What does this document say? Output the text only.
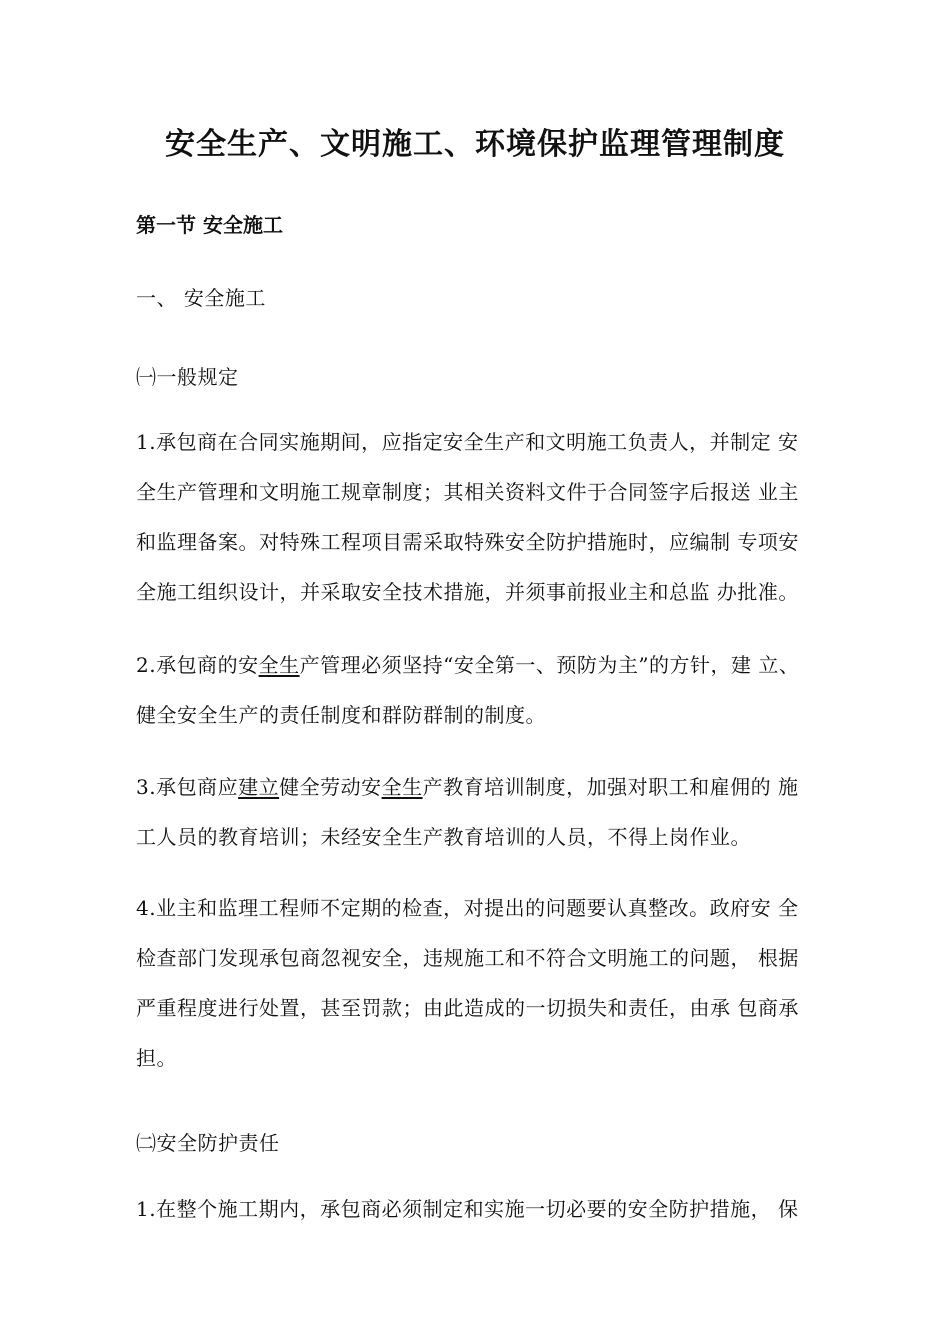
安全生产、文明施工、环境保护监理管理制度
第一节 安全施工
一、 安全施工
㈠一般规定
1.承包商在合同实施期间，应指定安全生产和文明施工负责人，并制定 安
全生产管理和文明施工规章制度；其相关资料文件于合同签字后报送 业主
和监理备案。对特殊工程项目需采取特殊安全防护措施时，应编制 专项安
全施工组织设计，并采取安全技术措施，并须事前报业主和总监 办批准。
2.承包商的安全生产管理必须坚持“安全第一、预防为主”的方针，建 立、
健全安全生产的责任制度和群防群制的制度。
3.承包商应建立健全劳动安全生产教育培训制度，加强对职工和雇佣的 施
工人员的教育培训；未经安全生产教育培训的人员，不得上岗作业。
4.业主和监理工程师不定期的检查，对提出的问题要认真整改。政府安 全
检查部门发现承包商忽视安全，违规施工和不符合文明施工的问题， 根据
严重程度进行处置，甚至罚款；由此造成的一切损失和责任，由承 包商承
担。
㈡安全防护责任
1.在整个施工期内，承包商必须制定和实施一切必要的安全防护措施， 保
